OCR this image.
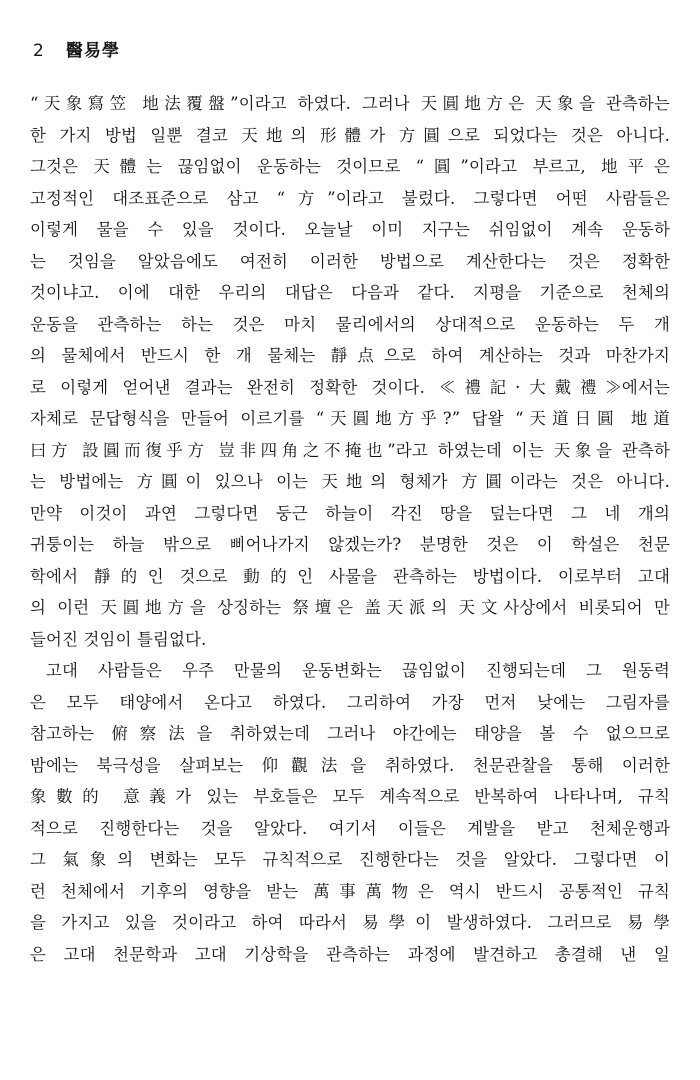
2 醫易學
“天象寫笠 地法覆盤”이라고 하였다. 그러나 天圓地方은 天象을 관측하는
한 가지 방법 일뿐 결코 天地의 形體가 方圓으로 되었다는 것은 아니다.
그것은 天體는 끊임없이 운동하는 것이므로 “圓”이라고 부르고, 地平은
고정적인 대조표준으로 삼고 “方”이라고 불렀다. 그렇다면 어떤 사람들은
이렇게 물을 수 있을 것이다. 오늘날 이미 지구는 쉬임없이 계속 운동하
는 것임을 알았음에도 여전히 이러한 방법으로 계산한다는 것은 정확한
것이냐고. 이에 대한 우리의 대답은 다음과 같다. 지평을 기준으로 천체의
운동을 관측하는 하는 것은 마치 물리에서의 상대적으로 운동하는 두 개
의 물체에서 반드시 한 개 물체는 靜点으로 하여 계산하는 것과 마찬가지
로 이렇게 얻어낸 결과는 완전히 정확한 것이다. ≪禮記·大戴禮≫에서는
자체로 문답형식을 만들어 이르기를 “天圓地方乎?” 답왈 “天道日圓 地道
曰方 設圓而復乎方 豈非四角之不掩也”라고 하였는데 이는 天象을 관측하
는 방법에는 方圓이 있으나 이는 天地의 형체가 方圓이라는 것은 아니다.
만약 이것이 과연 그렇다면 둥근 하늘이 각진 땅을 덮는다면 그 네 개의
귀퉁이는 하늘 밖으로 삐어나가지 않겠는가? 분명한 것은 이 학설은 천문
학에서 靜的인 것으로 動的인 사물을 관측하는 방법이다. 이로부터 고대
의 이런 天圓地方을 상징하는 祭壇은 盖天派의 天文사상에서 비롯되어 만
들어진 것임이 틀림없다.
고대 사람들은 우주 만물의 운동변화는 끊임없이 진행되는데 그 원동력
은 모두 태양에서 온다고 하였다. 그리하여 가장 먼저 낮에는 그림자를
참고하는 俯察法을 취하였는데 그러나 야간에는 태양을 볼 수 없으므로
밤에는 북극성을 살펴보는 仰觀法을 취하였다. 천문관찰을 통해 이러한
象數的 意義가 있는 부호들은 모두 계속적으로 반복하여 나타나며, 규칙
적으로 진행한다는 것을 알았다. 여기서 이들은 계발을 받고 천체운행과
그 氣象의 변화는 모두 규칙적으로 진행한다는 것을 알았다. 그렇다면 이
런 천체에서 기후의 영향을 받는 萬事萬物은 역시 반드시 공통적인 규칙
을 가지고 있을 것이라고 하여 따라서 易學이 발생하였다. 그러므로 易學
은 고대 천문학과 고대 기상학을 관측하는 과정에 발견하고 총결해 낸 일
